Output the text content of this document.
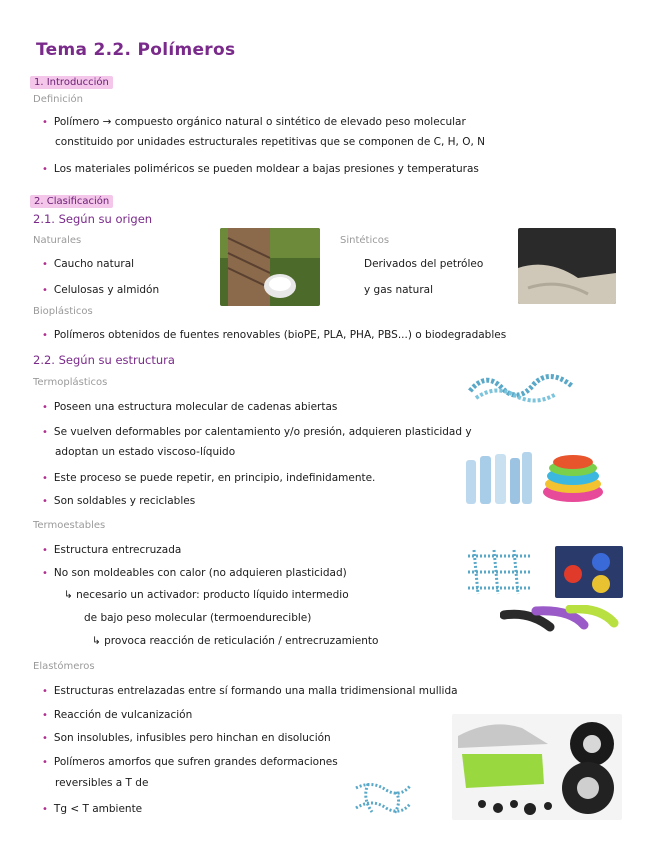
Tema 2.2. Polímeros
1. Introducción
Definición
• Polímero → compuesto orgánico natural o sintético de elevado peso molecular
constituido por unidades estructurales repetitivas que se componen de C, H, O, N
• Los materiales poliméricos se pueden moldear a bajas presiones y temperaturas
2. Clasificación
2.1. Según su origen
Naturales
• Caucho natural
• Celulosas y almidón
Sintéticos
Derivados del petróleo
y gas natural
Bioplásticos
• Polímeros obtenidos de fuentes renovables (bioPE, PLA, PHA, PBS...) o biodegradables
2.2. Según su estructura
Termoplásticos
• Poseen una estructura molecular de cadenas abiertas
• Se vuelven deformables por calentamiento y/o presión, adquieren plasticidad y
adoptan un estado viscoso-líquido
• Este proceso se puede repetir, en principio, indefinidamente.
• Son soldables y reciclables
Termoestables
• Estructura entrecruzada
• No son moldeables con calor (no adquieren plasticidad)
↳ necesario un activador: producto líquido intermedio
de bajo peso molecular (termoendurecible)
↳ provoca reacción de reticulación / entrecruzamiento
Elastómeros
• Estructuras entrelazadas entre sí formando una malla tridimensional mullida
• Reacción de vulcanización
• Son insolubles, infusibles pero hinchan en disolución
• Polímeros amorfos que sufren grandes deformaciones
reversibles a T de
• Tg < T ambiente
